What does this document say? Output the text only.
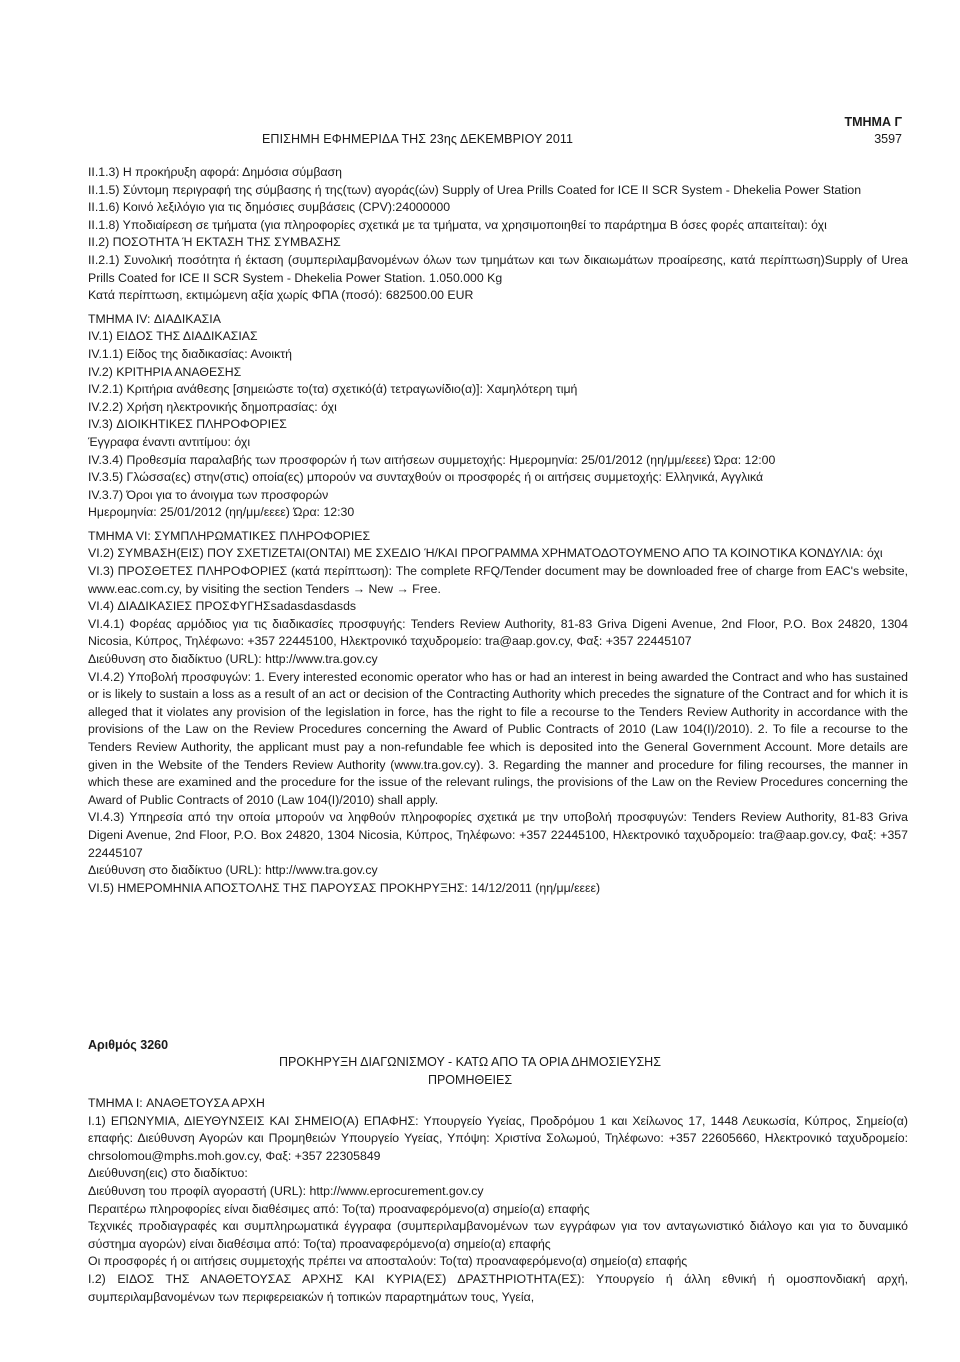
ΕΠΙΣΗΜΗ ΕΦΗΜΕΡΙΔΑ ΤΗΣ 23ης ΔΕΚΕΜΒΡΙΟΥ 2011
ΤΜΗΜΑ Γ
3597

ΙΙ.1.3) Η προκήρυξη αφορά: Δημόσια σύμβαση

ΙΙ.1.5) Σύντομη περιγραφή της σύμβασης ή της(των) αγοράς(ών) Supply of Urea Prills Coated for ICE II SCR System - Dhekelia Power Station

ΙΙ.1.6) Κοινό λεξιλόγιο για τις δημόσιες συμβάσεις (CPV):24000000

ΙΙ.1.8) Υποδιαίρεση σε τμήματα (για πληροφορίες σχετικά με τα τμήματα, να χρησιμοποιηθεί το παράρτημα Β όσες φορές απαιτείται): όχι

ΙΙ.2) ΠΟΣΟΤΗΤΑ Ή ΕΚΤΑΣΗ ΤΗΣ ΣΥΜΒΑΣΗΣ

ΙΙ.2.1) Συνολική ποσότητα ή έκταση (συμπεριλαμβανομένων όλων των τμημάτων και των δικαιωμάτων προαίρεσης, κατά περίπτωση)Supply of Urea Prills Coated for ICE II SCR System - Dhekelia Power Station. 1.050.000 Kg

Κατά περίπτωση, εκτιμώμενη αξία χωρίς ΦΠΑ (ποσό): 682500.00 EUR

ΤΜΗΜΑ IV: ΔΙΑΔΙΚΑΣΙΑ

IV.1) ΕΙΔΟΣ ΤΗΣ ΔΙΑΔΙΚΑΣΙΑΣ

IV.1.1) Είδος της διαδικασίας: Ανοικτή

IV.2) ΚΡΙΤΗΡΙΑ ΑΝΑΘΕΣΗΣ

IV.2.1) Κριτήρια ανάθεσης [σημειώστε το(τα) σχετικό(ά) τετραγωνίδιο(α)]: Χαμηλότερη τιμή

IV.2.2) Χρήση ηλεκτρονικής δημοπρασίας: όχι

IV.3) ΔΙΟΙΚΗΤΙΚΕΣ ΠΛΗΡΟΦΟΡΙΕΣ

Έγγραφα έναντι αντιτίμου: όχι

IV.3.4) Προθεσμία παραλαβής των προσφορών ή των αιτήσεων συμμετοχής: Ημερομηνία: 25/01/2012 (ηη/μμ/εεεε) Ώρα: 12:00

IV.3.5) Γλώσσα(ες) στην(στις) οποία(ες) μπορούν να συνταχθούν οι προσφορές ή οι αιτήσεις συμμετοχής: Ελληνικά, Αγγλικά

IV.3.7) Όροι για το άνοιγμα των προσφορών

Ημερομηνία: 25/01/2012 (ηη/μμ/εεεε) Ώρα: 12:30

ΤΜΗΜΑ VI: ΣΥΜΠΛΗΡΩΜΑΤΙΚΕΣ ΠΛΗΡΟΦΟΡΙΕΣ

VI.2) ΣΥΜΒΑΣΗ(ΕΙΣ) ΠΟΥ ΣΧΕΤΙΖΕΤΑΙ(ΟΝΤΑΙ) ΜΕ ΣΧΕΔΙΟ Ή/ΚΑΙ ΠΡΟΓΡΑΜΜΑ ΧΡΗΜΑΤΟΔΟΤΟΥΜΕΝΟ ΑΠΟ ΤΑ ΚΟΙΝΟΤΙΚΑ ΚΟΝΔΥΛΙΑ: όχι

VI.3) ΠΡΟΣΘΕΤΕΣ ΠΛΗΡΟΦΟΡΙΕΣ (κατά περίπτωση): The complete RFQ/Tender document may be downloaded free of charge from EAC's website, www.eac.com.cy, by visiting the section Tenders → New → Free.

VI.4) ΔΙΑΔΙΚΑΣΙΕΣ ΠΡΟΣΦΥΓΗΣsadasdasdasds

VI.4.1) Φορέας αρμόδιος για τις διαδικασίες προσφυγής: Tenders Review Authority, 81-83 Griva Digeni Avenue, 2nd Floor, P.O. Box 24820, 1304 Nicosia, Κύπρος, Τηλέφωνο: +357 22445100, Ηλεκτρονικό ταχυδρομείο: tra@aap.gov.cy, Φαξ: +357 22445107

Διεύθυνση στο διαδίκτυο (URL): http://www.tra.gov.cy

VI.4.2) Υποβολή προσφυγών: 1. Every interested economic operator who has or had an interest in being awarded the Contract and who has sustained or is likely to sustain a loss as a result of an act or decision of the Contracting Authority which precedes the signature of the Contract and for which it is alleged that it violates any provision of the legislation in force, has the right to file a recourse to the Tenders Review Authority in accordance with the provisions of the Law on the Review Procedures concerning the Award of Public Contracts of 2010 (Law 104(I)/2010). 2. To file a recourse to the Tenders Review Authority, the applicant must pay a non-refundable fee which is deposited into the General Government Account. More details are given in the Website of the Tenders Review Authority (www.tra.gov.cy). 3. Regarding the manner and procedure for filing recourses, the manner in which these are examined and the procedure for the issue of the relevant rulings, the provisions of the Law on the Review Procedures concerning the Award of Public Contracts of 2010 (Law 104(I)/2010) shall apply.

VI.4.3) Υπηρεσία από την οποία μπορούν να ληφθούν πληροφορίες σχετικά με την υποβολή προσφυγών: Tenders Review Authority, 81-83 Griva Digeni Avenue, 2nd Floor, P.O. Box 24820, 1304 Nicosia, Κύπρος, Τηλέφωνο: +357 22445100, Ηλεκτρονικό ταχυδρομείο: tra@aap.gov.cy, Φαξ: +357 22445107

Διεύθυνση στο διαδίκτυο (URL): http://www.tra.gov.cy

VI.5) ΗΜΕΡΟΜΗΝΙΑ ΑΠΟΣΤΟΛΗΣ ΤΗΣ ΠΑΡΟΥΣΑΣ ΠΡΟΚΗΡΥΞΗΣ: 14/12/2011 (ηη/μμ/εεεε)

Αριθμός 3260
ΠΡΟΚΗΡΥΞΗ ΔΙΑΓΩΝΙΣΜΟΥ - ΚΑΤΩ ΑΠΟ ΤΑ ΟΡΙΑ ΔΗΜΟΣΙΕΥΣΗΣ
ΠΡΟΜΗΘΕΙΕΣ

ΤΜΗΜΑ I: ΑΝΑΘΕΤΟΥΣΑ ΑΡΧΗ

I.1) ΕΠΩΝΥΜΙΑ, ΔΙΕΥΘΥΝΣΕΙΣ ΚΑΙ ΣΗΜΕΙΟ(Α) ΕΠΑΦΗΣ: Υπουργείο Υγείας, Προδρόμου 1 και Χείλωνος 17, 1448 Λευκωσία, Κύπρος, Σημείο(α) επαφής: Διεύθυνση Αγορών και Προμηθειών Υπουργείο Υγείας, Υπόψη: Χριστίνα Σολωμού, Τηλέφωνο: +357 22605660, Ηλεκτρονικό ταχυδρομείο: chrsolomou@mphs.moh.gov.cy, Φαξ: +357 22305849

Διεύθυνση(εις) στο διαδίκτυο:

Διεύθυνση του προφίλ αγοραστή (URL): http://www.eprocurement.gov.cy

Περαιτέρω πληροφορίες είναι διαθέσιμες από: Το(τα) προαναφερόμενο(α) σημείο(α) επαφής

Τεχνικές προδιαγραφές και συμπληρωματικά έγγραφα (συμπεριλαμβανομένων των εγγράφων για τον ανταγωνιστικό διάλογο και για το δυναμικό σύστημα αγορών) είναι διαθέσιμα από: Το(τα) προαναφερόμενο(α) σημείο(α) επαφής

Οι προσφορές ή οι αιτήσεις συμμετοχής πρέπει να αποσταλούν: Το(τα) προαναφερόμενο(α) σημείο(α) επαφής

I.2) ΕΙΔΟΣ ΤΗΣ ΑΝΑΘΕΤΟΥΣΑΣ ΑΡΧΗΣ ΚΑΙ ΚΥΡΙΑ(ΕΣ) ΔΡΑΣΤΗΡΙΟΤΗΤΑ(ΕΣ): Υπουργείο ή άλλη εθνική ή ομοσπονδιακή αρχή, συμπεριλαμβανομένων των περιφερειακών ή τοπικών παραρτημάτων τους, Υγεία,
